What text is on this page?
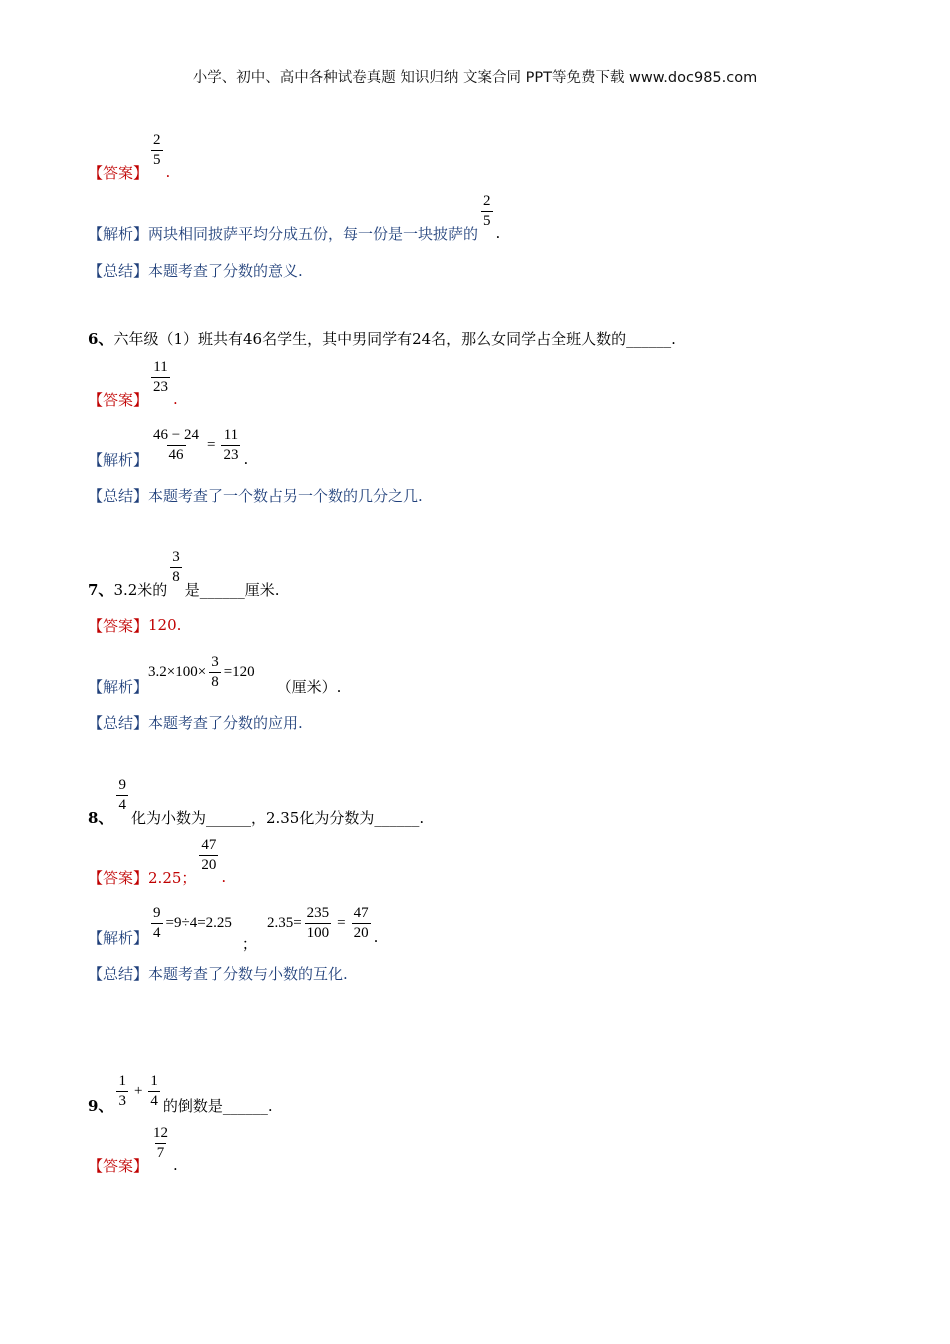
小学、初中、高中各种试卷真题 知识归纳 文案合同 PPT等免费下载 www.doc985.com
【答案】
$\frac{2}{5}$
.
【解析】 两块相同披萨平均分成五份，每一份是一块披萨的
$\frac{2}{5}$
.
【总结】 本题考查了分数的意义.
6、 六年级（1）班共有46名学生，其中男同学有24名，那么女同学占全班人数的______.
【答案】
$\frac{11}{23}$
.
【解析】 $\frac{46 - 24}{46} = \frac{11}{23}$ .
【总结】 本题考查了一个数占另一个数的几分之几.
7、 3.2米的
$\frac{3}{8}$
是______厘米.
【答案】 120.
【解析】
$3.2\times 100\times \frac{3}{8} =120$
（厘米）.
【总结】 本题考查了分数的应用.
8、
$\frac{9}{4}$
化为小数为______，2.35化为分数为______.
【答案】 2.25；
$\frac{47}{20}$
.
【解析】 $\frac{9}{4} =9\div 4=2.25$
；
$2.35= \frac{235}{100} = \frac{47}{20}$ .
【总结】 本题考查了分数与小数的互化.
9、 $\frac{1}{3} + \frac{1}{4}$ 的倒数是______.
【答案】
$\frac{12}{7}$
.
